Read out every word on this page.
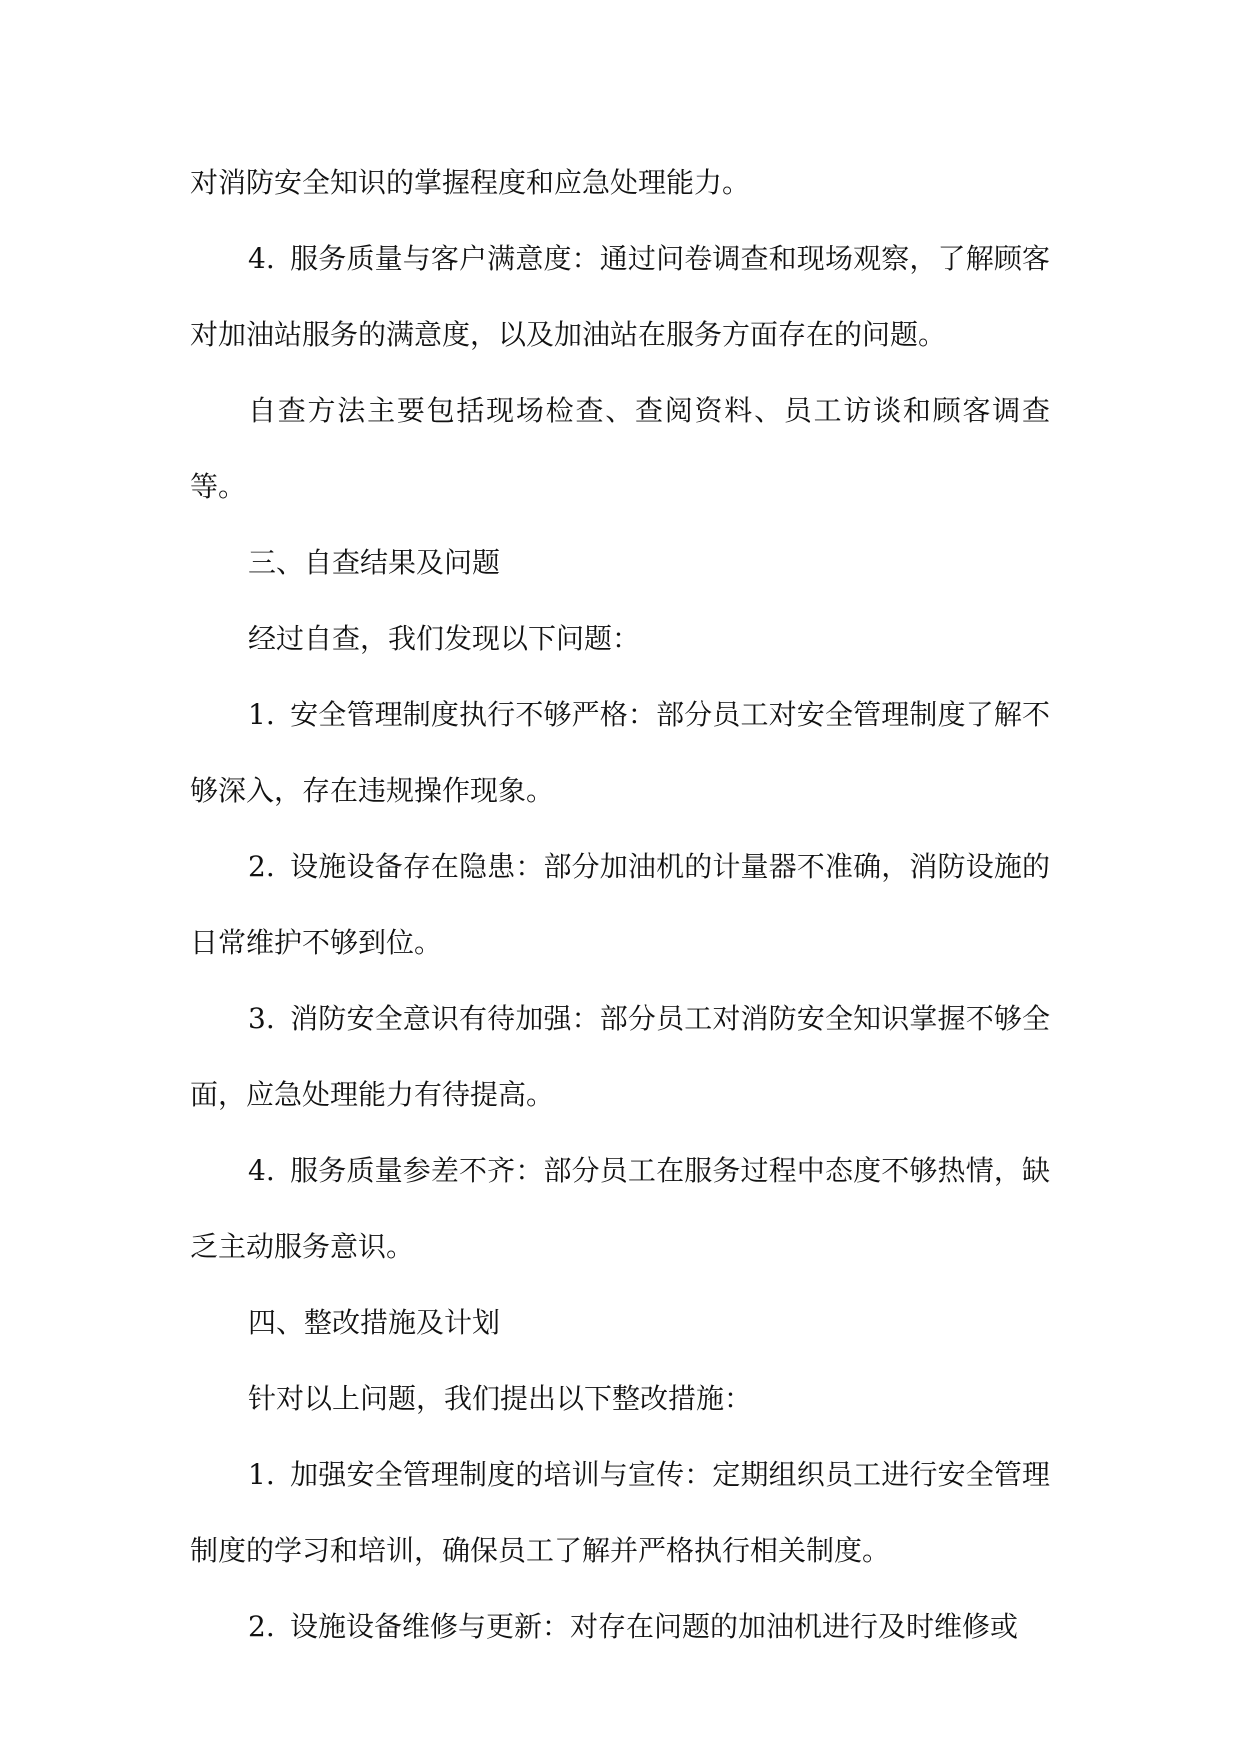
对消防安全知识的掌握程度和应急处理能力。

4. 服务质量与客户满意度：通过问卷调查和现场观察，了解顾客对加油站服务的满意度，以及加油站在服务方面存在的问题。

自查方法主要包括现场检查、查阅资料、员工访谈和顾客调查等。

三、自查结果及问题

经过自查，我们发现以下问题：

1. 安全管理制度执行不够严格：部分员工对安全管理制度了解不够深入，存在违规操作现象。

2. 设施设备存在隐患：部分加油机的计量器不准确，消防设施的日常维护不够到位。

3. 消防安全意识有待加强：部分员工对消防安全知识掌握不够全面，应急处理能力有待提高。

4. 服务质量参差不齐：部分员工在服务过程中态度不够热情，缺乏主动服务意识。

四、整改措施及计划

针对以上问题，我们提出以下整改措施：

1. 加强安全管理制度的培训与宣传：定期组织员工进行安全管理制度的学习和培训，确保员工了解并严格执行相关制度。

2. 设施设备维修与更新：对存在问题的加油机进行及时维修或
